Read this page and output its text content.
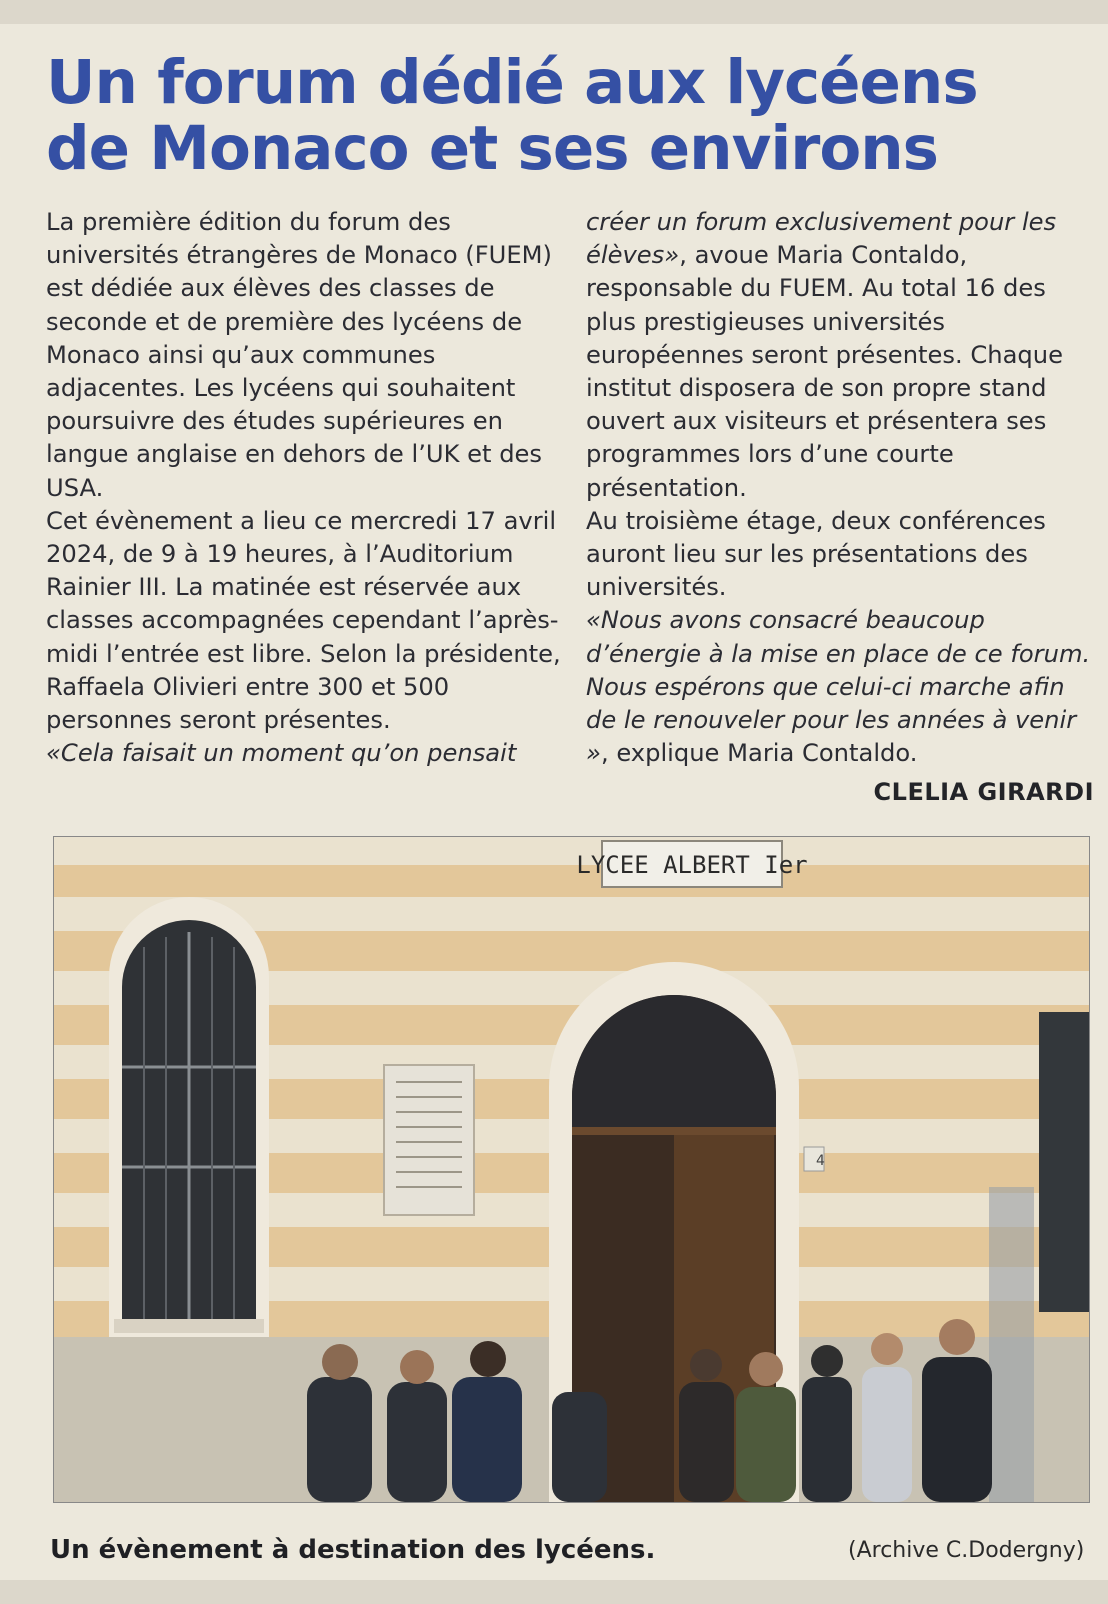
Un forum dédié aux lycéens de Monaco et ses environs

La première édition du forum des universités étrangères de Monaco (FUEM) est dédiée aux élèves des classes de seconde et de première des lycéens de Monaco ainsi qu’aux communes adjacentes. Les lycéens qui souhaitent poursuivre des études supérieures en langue anglaise en dehors de l’UK et des USA.

Cet évènement a lieu ce mercredi 17 avril 2024, de 9 à 19 heures, à l’Auditorium Rainier III. La matinée est réservée aux classes accompagnées cependant l’après-midi l’entrée est libre. Selon la présidente, Raffaela Olivieri entre 300 et 500 personnes seront présentes.

«Cela faisait un moment qu’on pensait

créer un forum exclusivement pour les élèves», avoue Maria Contaldo, responsable du FUEM. Au total 16 des plus prestigieuses universités européennes seront présentes. Chaque institut disposera de son propre stand ouvert aux visiteurs et présentera ses programmes lors d’une courte présentation.

Au troisième étage, deux conférences auront lieu sur les présentations des universités.

«Nous avons consacré beaucoup d’énergie à la mise en place de ce forum. Nous espérons que celui-ci marche afin de le renouveler pour les années à venir », explique Maria Contaldo.

CLELIA GIRARDI
LYCEE ALBERT Ier
4
Un évènement à destination des lycéens.	(Archive C.Dodergny)
